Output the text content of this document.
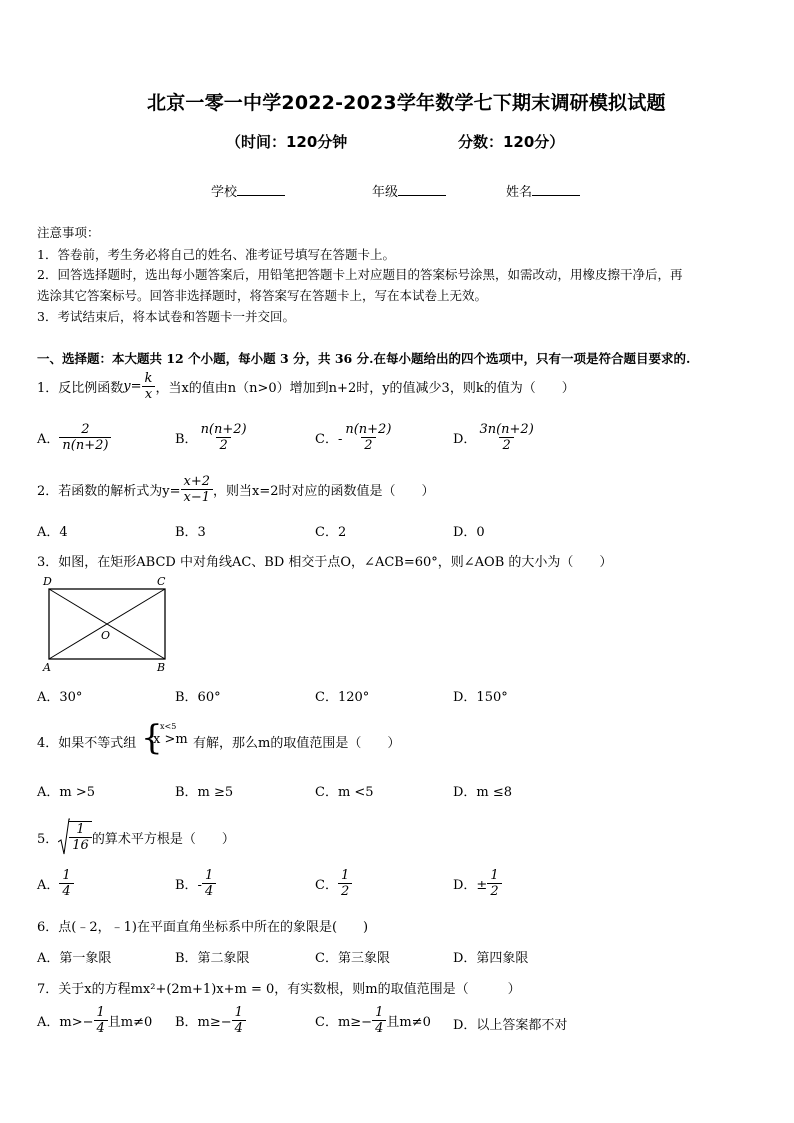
北京一零一中学2022-2023学年数学七下期末调研模拟试题
（时间：120分钟	分数：120分）
学校	年级	姓名
注意事项：
1．答卷前，考生务必将自己的姓名、准考证号填写在答题卡上。
2．回答选择题时，选出每小题答案后，用铅笔把答题卡上对应题目的答案标号涂黑，如需改动，用橡皮擦干净后，再
选涂其它答案标号。回答非选择题时，将答案写在答题卡上，写在本试卷上无效。
3．考试结束后，将本试卷和答题卡一并交回。
一、选择题：本大题共 12 个小题，每小题 3 分，共 36 分.在每小题给出的四个选项中，只有一项是符合题目要求的.
1．反比例函数 $y = \frac{k}{x}$ ，当x的值由n（n>0）增加到n+2时，y的值减少3，则k的值为（　　）
A． $\frac{2}{n(n+2)}$	B． $\frac{n(n+2)}{2}$	C．- $\frac{n(n+2)}{2}$	D． $\frac{3n(n+2)}{2}$
2．若函数的解析式为$y= \frac{x+2}{x-1}$ ，则当x=2时对应的函数值是（　　）
A．4	B．3	C．2	D．0
3．如图，在矩形ABCD 中对角线AC、BD 相交于点O，∠ACB=60°，则∠AOB 的大小为（　　）
D	C
A	B
O
A．30°	B．60°	C．120°	D．150°
4．如果不等式组 {
x<5
x >m 有解，那么m的取值范围是（　　）
A．m >5	B．m ≥5	C．m <5	D．m ≤8
5． $\frac{1}{16}$ 的算术平方根是（　　）
A． $\frac{1}{4}$	B．- $\frac{1}{4}$	C． $\frac{1}{2}$	D．± $\frac{1}{2}$
6．点(﹣2，﹣1)在平面直角坐标系中所在的象限是(　　)
A．第一象限	B．第二象限	C．第三象限	D．第四象限
7．关于x的方程mx²+(2m+1)x+m = 0，有实数根，则m的取值范围是（　　　）
A．$m>- \frac{1}{4}$ 且m≠0 B．$m\ge- \frac{1}{4}$	C．$m\ge- \frac{1}{4}$ 且m≠0 D．以上答案都不对
